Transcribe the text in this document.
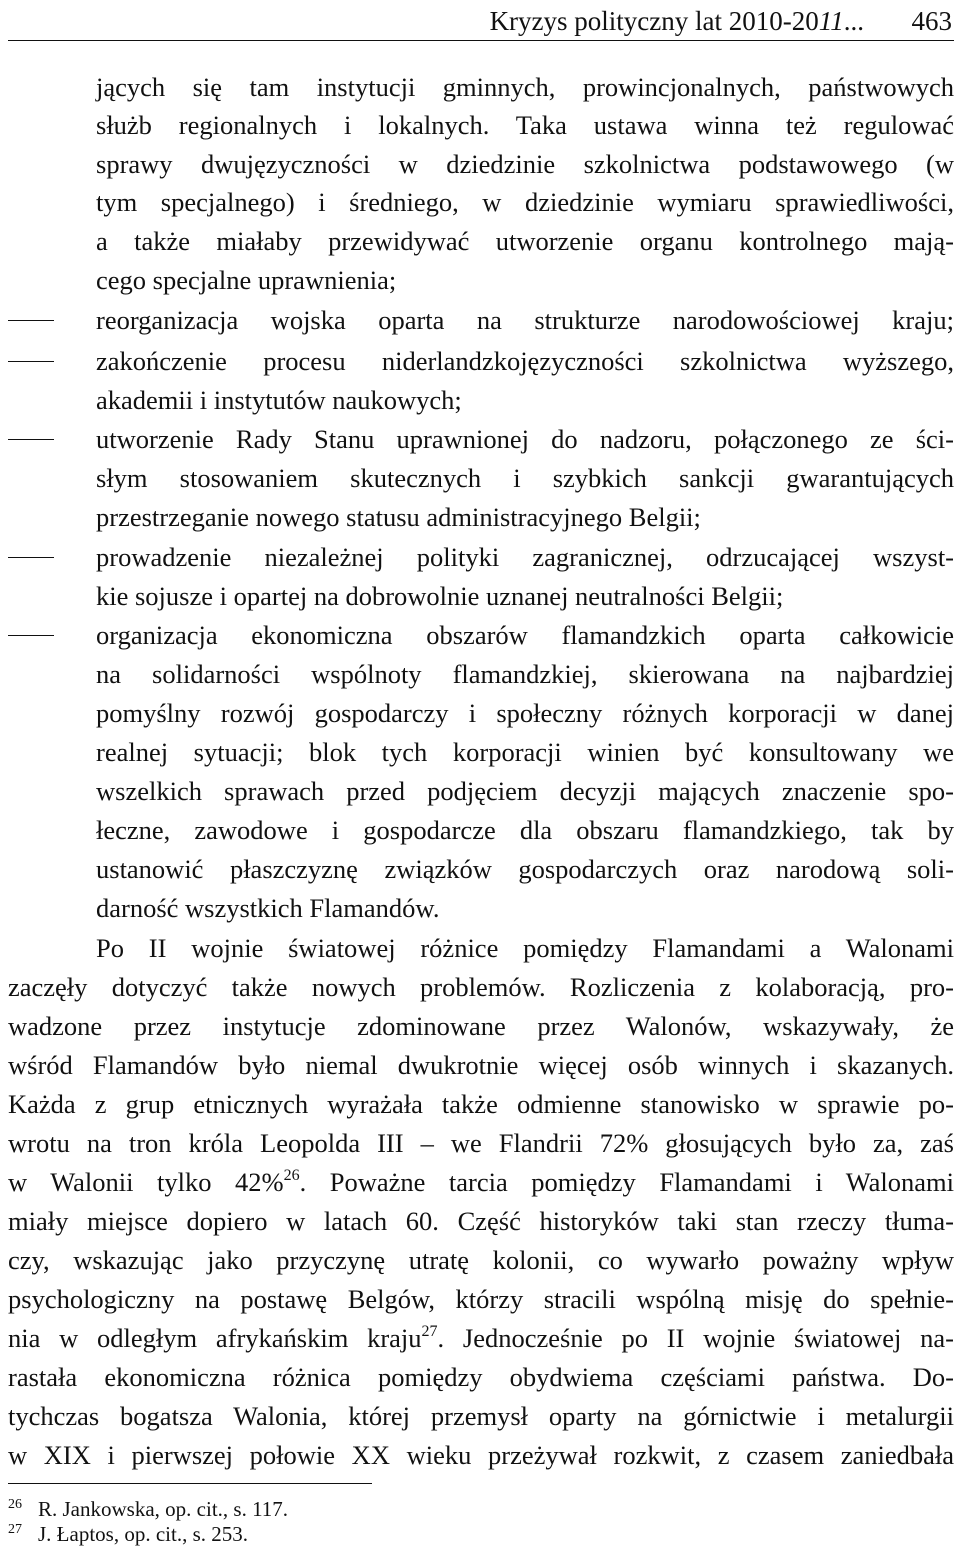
Kryzys polityczny lat 2010-2011... 463
jących się tam instytucji gminnych, prowincjonalnych, państwowych
służb regionalnych i lokalnych. Taka ustawa winna też regulować
sprawy dwujęzyczności w dziedzinie szkolnictwa podstawowego (w
tym specjalnego) i średniego, w dziedzinie wymiaru sprawiedliwości,
a także miałaby przewidywać utworzenie organu kontrolnego mają-
cego specjalne uprawnienia;
reorganizacja wojska oparta na strukturze narodowościowej kraju;
zakończenie procesu niderlandzkojęzyczności szkolnictwa wyższego,
akademii i instytutów naukowych;
utworzenie Rady Stanu uprawnionej do nadzoru, połączonego ze ści-
słym stosowaniem skutecznych i szybkich sankcji gwarantujących
przestrzeganie nowego statusu administracyjnego Belgii;
prowadzenie niezależnej polityki zagranicznej, odrzucającej wszyst-
kie sojusze i opartej na dobrowolnie uznanej neutralności Belgii;
organizacja ekonomiczna obszarów flamandzkich oparta całkowicie
na solidarności wspólnoty flamandzkiej, skierowana na najbardziej
pomyślny rozwój gospodarczy i społeczny różnych korporacji w danej
realnej sytuacji; blok tych korporacji winien być konsultowany we
wszelkich sprawach przed podjęciem decyzji mających znaczenie spo-
łeczne, zawodowe i gospodarcze dla obszaru flamandzkiego, tak by
ustanowić płaszczyznę związków gospodarczych oraz narodową soli-
darność wszystkich Flamandów.
Po II wojnie światowej różnice pomiędzy Flamandami a Walonami
zaczęły dotyczyć także nowych problemów. Rozliczenia z kolaboracją, pro-
wadzone przez instytucje zdominowane przez Walonów, wskazywały, że
wśród Flamandów było niemal dwukrotnie więcej osób winnych i skazanych.
Każda z grup etnicznych wyrażała także odmienne stanowisko w sprawie po-
wrotu na tron króla Leopolda III – we Flandrii 72% głosujących było za, zaś
w Walonii tylko 42%$^{26}$. Poważne tarcia pomiędzy Flamandami i Walonami
miały miejsce dopiero w latach 60. Część historyków taki stan rzeczy tłuma-
czy, wskazując jako przyczynę utratę kolonii, co wywarło poważny wpływ
psychologiczny na postawę Belgów, którzy stracili wspólną misję do spełnie-
nia w odległym afrykańskim kraju$^{27}$. Jednocześnie po II wojnie światowej na-
rastała ekonomiczna różnica pomiędzy obydwiema częściami państwa. Do-
tychczas bogatsza Walonia, której przemysł oparty na górnictwie i metalurgii
w XIX i pierwszej połowie XX wieku przeżywał rozkwit, z czasem zaniedbała
$^{26}$ R. Jankowska, op. cit., s. 117.
$^{27}$ J. Łaptos, op. cit., s. 253.
